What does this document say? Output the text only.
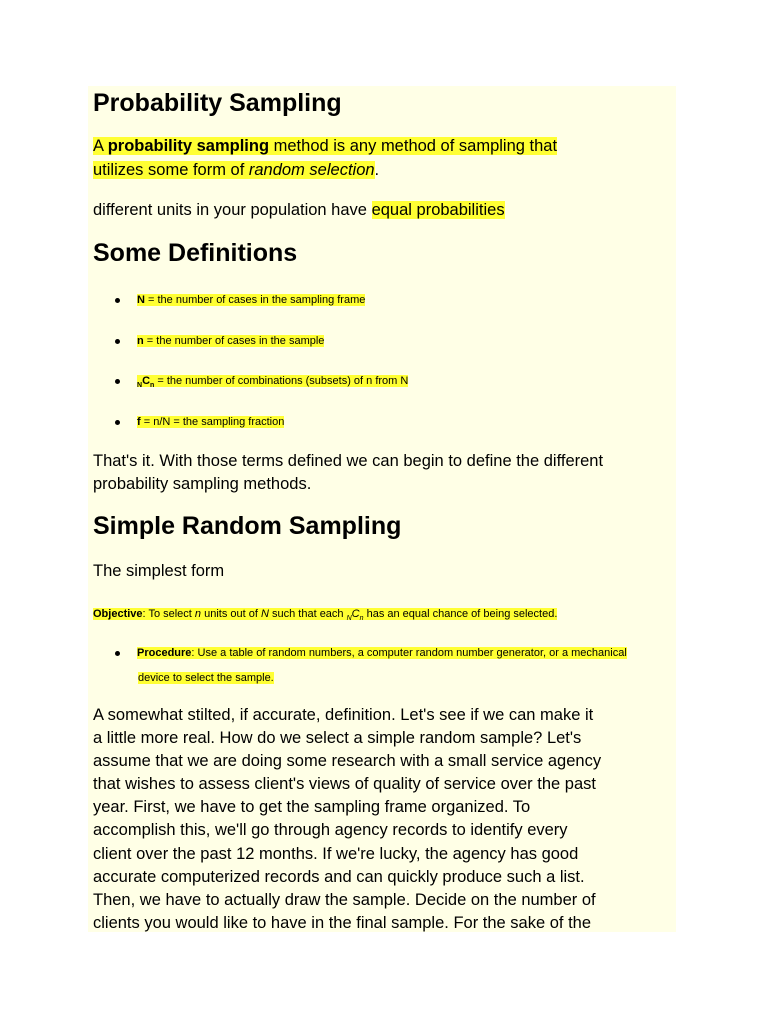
Probability Sampling

A probability sampling method is any method of sampling that

utilizes some form of random selection.

different units in your population have equal probabilities

Some Definitions
N = the number of cases in the sampling frame
n = the number of cases in the sample
$_NC_n$ = the number of combinations (subsets) of n from N
f = n/N = the sampling fraction

That's it. With those terms defined we can begin to define the different

probability sampling methods.

Simple Random Sampling

The simplest form

Objective: To select n units out of N such that each $_NC_n$ has an equal chance of being selected.

Procedure: Use a table of random numbers, a computer random number generator, or a mechanical
device to select the sample.

A somewhat stilted, if accurate, definition. Let's see if we can make it

a little more real. How do we select a simple random sample? Let's

assume that we are doing some research with a small service agency

that wishes to assess client's views of quality of service over the past

year. First, we have to get the sampling frame organized. To

accomplish this, we'll go through agency records to identify every

client over the past 12 months. If we're lucky, the agency has good

accurate computerized records and can quickly produce such a list.

Then, we have to actually draw the sample. Decide on the number of

clients you would like to have in the final sample. For the sake of the
